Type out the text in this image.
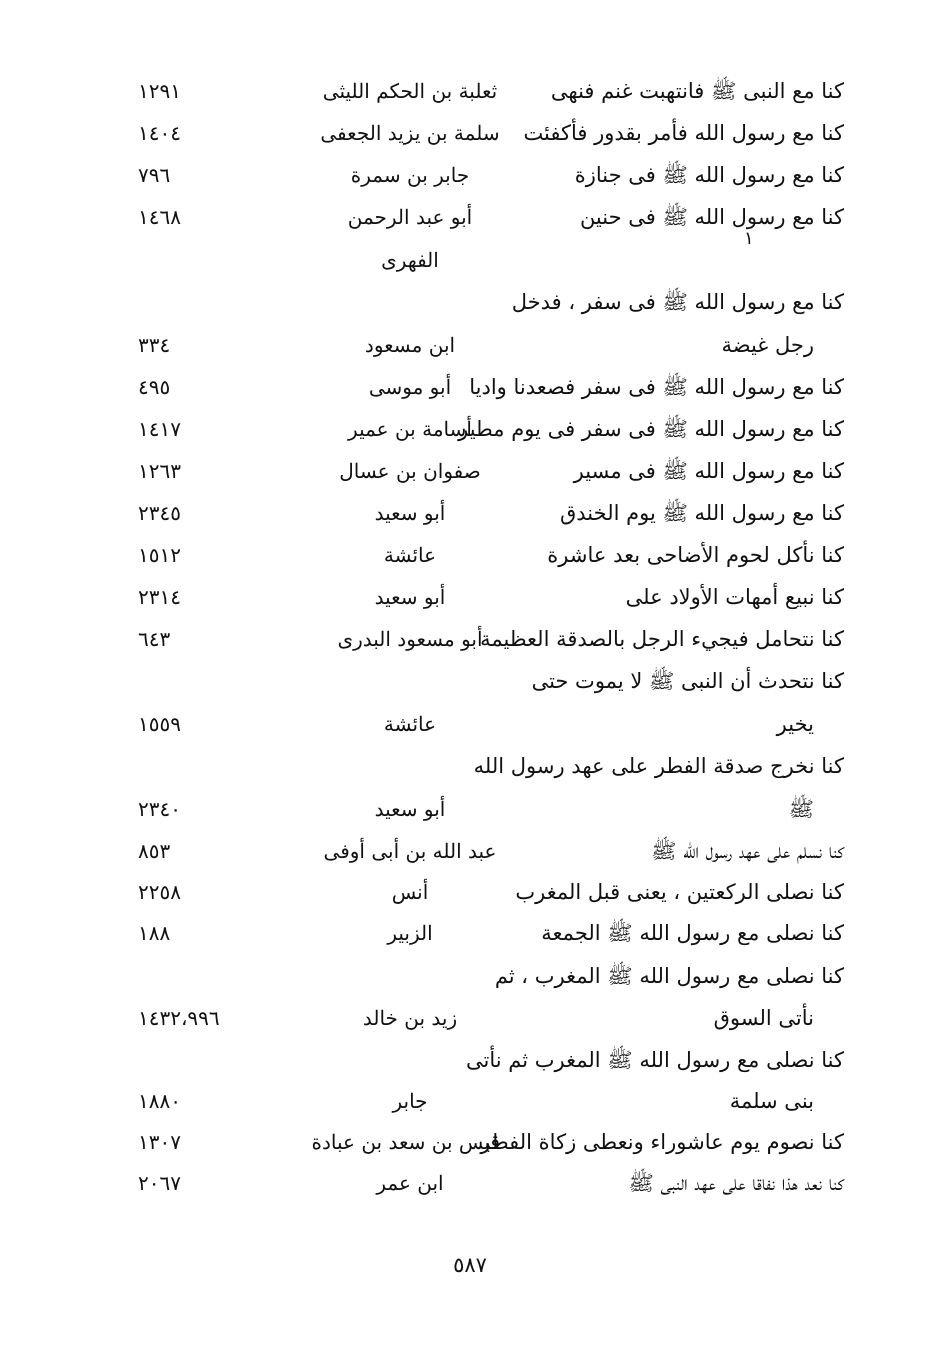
كنا مع النبى ﷺ فانتهبت غنم فنهى
ثعلبة بن الحكم الليثى
١٢٩١
كنا مع رسول الله فأمر بقدور فأكفئت
سلمة بن يزيد الجعفى
١٤٠٤
كنا مع رسول الله ﷺ فى جنازة
جابر بن سمرة
٧٩٦
كنا مع رسول الله ﷺ فى حنين
أبو عبد الرحمن
١٤٦٨
١
الفهرى
كنا مع رسول الله ﷺ فى سفر ، فدخل
رجل غيضة
ابن مسعود
٣٣٤
كنا مع رسول الله ﷺ فى سفر فصعدنا واديا
أبو موسى
٤٩٥
كنا مع رسول الله ﷺ فى سفر فى يوم مطير
أسامة بن عمير
١٤١٧
كنا مع رسول الله ﷺ فى مسير
صفوان بن عسال
١٢٦٣
كنا مع رسول الله ﷺ يوم الخندق
أبو سعيد
٢٣٤٥
كنا نأكل لحوم الأضاحى بعد عاشرة
عائشة
١٥١٢
كنا نبيع أمهات الأولاد على
أبو سعيد
٢٣١٤
كنا نتحامل فيجيء الرجل بالصدقة العظيمة
أبو مسعود البدرى
٦٤٣
كنا نتحدث أن النبى ﷺ لا يموت حتى
يخير
عائشة
١٥٥٩
كنا نخرج صدقة الفطر على عهد رسول الله
ﷺ
أبو سعيد
٢٣٤٠
كنا نسلم على عهد رسول الله ﷺ
عبد الله بن أبى أوفى
٨٥٣
كنا نصلى الركعتين ، يعنى قبل المغرب
أنس
٢٢٥٨
كنا نصلى مع رسول الله ﷺ الجمعة
الزبير
١٨٨
كنا نصلى مع رسول الله ﷺ المغرب ، ثم
نأتى السوق
زيد بن خالد
١٤٣٢،٩٩٦
كنا نصلى مع رسول الله ﷺ المغرب ثم نأتى
بنى سلمة
جابر
١٨٨٠
كنا نصوم يوم عاشوراء ونعطى زكاة الفطر
قيس بن سعد بن عبادة
١٣٠٧
كنا نعد هذا نفاقا على عهد النبى ﷺ
ابن عمر
٢٠٦٧
٥٨٧
